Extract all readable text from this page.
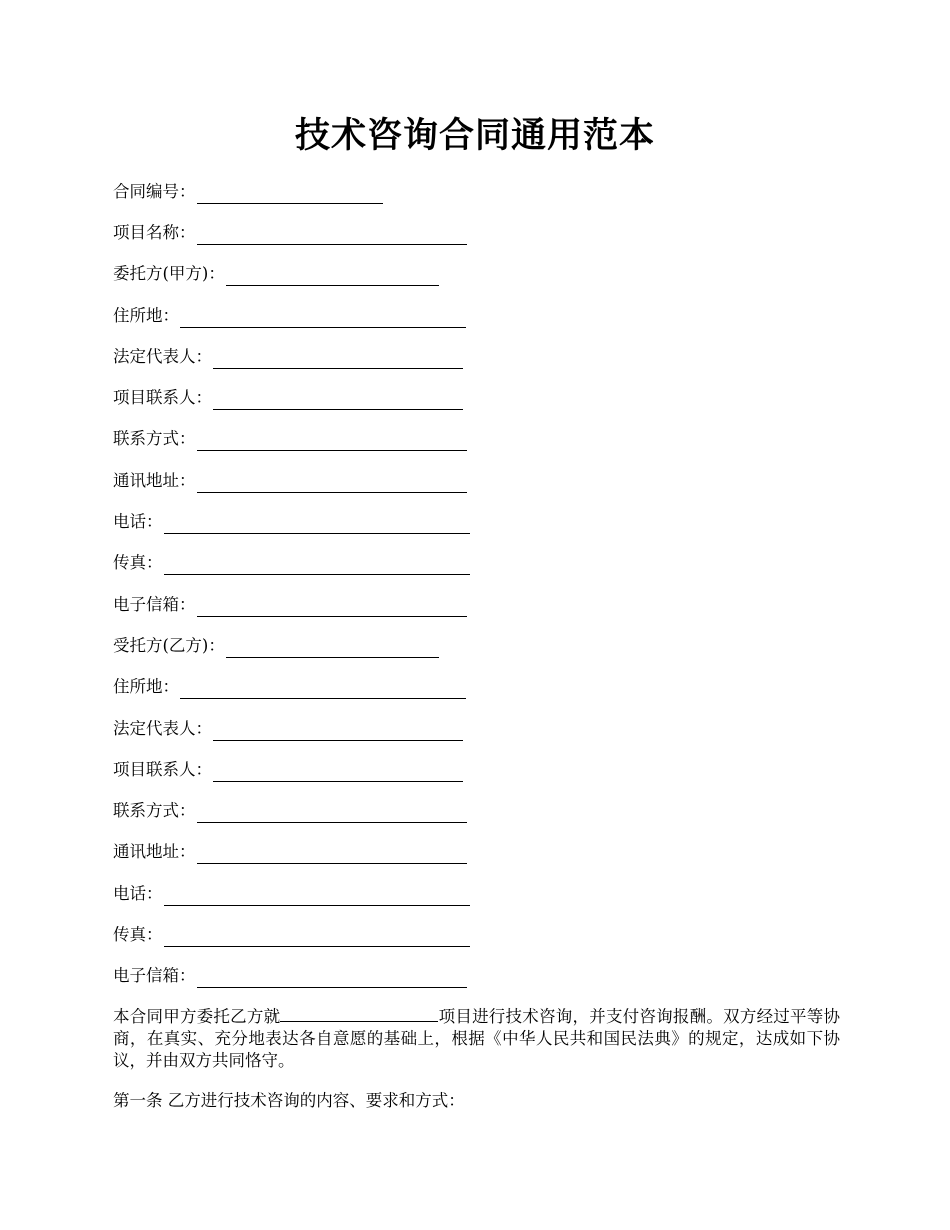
技术咨询合同通用范本
合同编号：
项目名称：
委托方(甲方)：
住所地：
法定代表人：
项目联系人：
联系方式：
通讯地址：
电话：
传真：
电子信箱：
受托方(乙方)：
住所地：
法定代表人：
项目联系人：
联系方式：
通讯地址：
电话：
传真：
电子信箱：
本合同甲方委托乙方就	项目进行技术咨询，并支付咨询报酬。双方经过平等协商，在真实、充分地表达各自意愿的基础上，根据《中华人民共和国民法典》的规定，达成如下协议，并由双方共同恪守。
第一条 乙方进行技术咨询的内容、要求和方式：
